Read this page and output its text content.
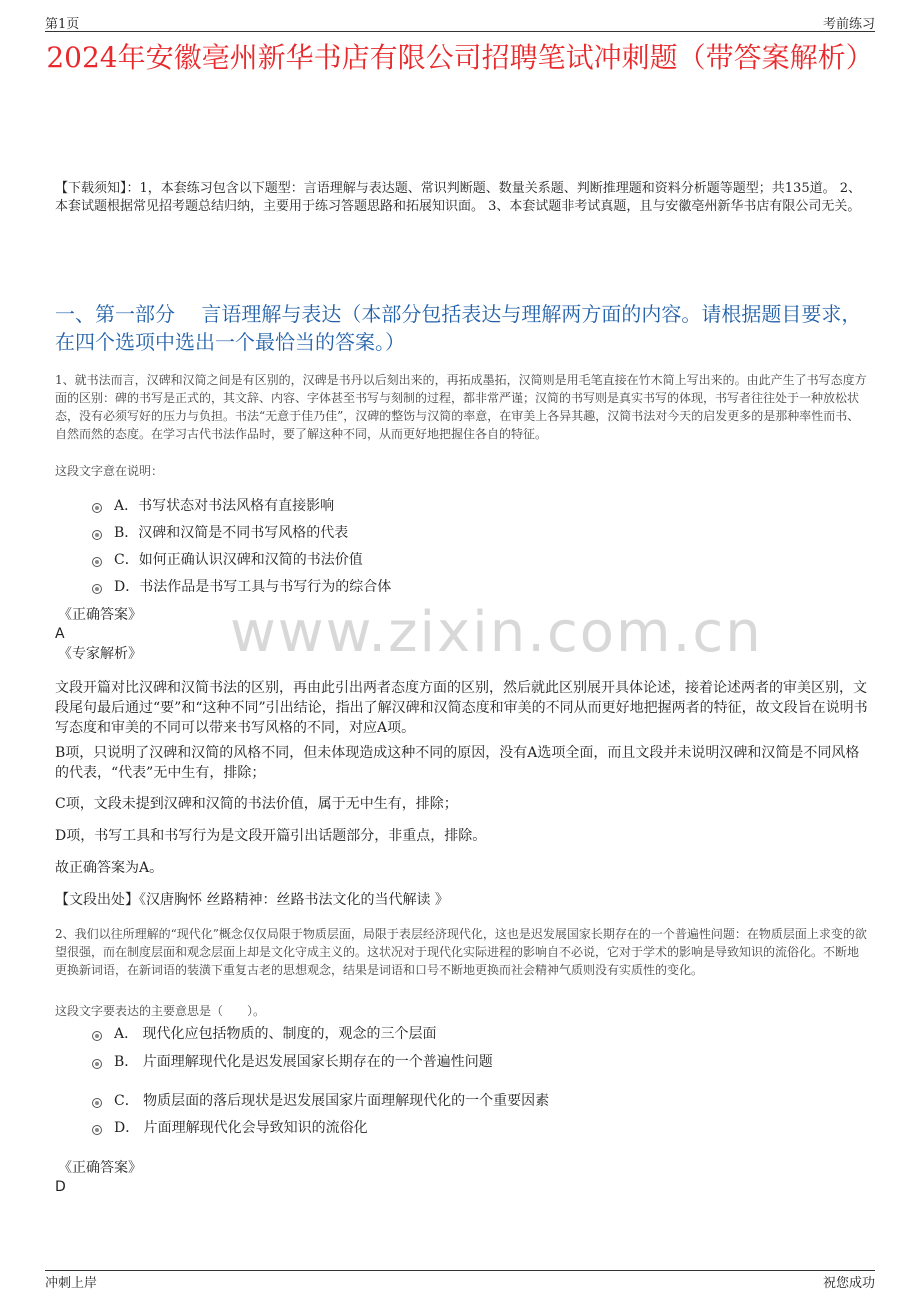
第1页	考前练习
2024年安徽亳州新华书店有限公司招聘笔试冲刺题（带答案解析）
【下载须知】：1，本套练习包含以下题型：言语理解与表达题、常识判断题、数量关系题、判断推理题和资料分析题等题型；共135道。 2、本套试题根据常见招考题总结归纳，主要用于练习答题思路和拓展知识面。 3、本套试题非考试真题，且与安徽亳州新华书店有限公司无关。
一、第一部分　 言语理解与表达（本部分包括表达与理解两方面的内容。请根据题目要求，在四个选项中选出一个最恰当的答案。）
1、就书法而言，汉碑和汉简之间是有区别的，汉碑是书丹以后刻出来的，再拓成墨拓，汉简则是用毛笔直接在竹木简上写出来的。由此产生了书写态度方面的区别：碑的书写是正式的，其文辞、内容、字体甚至书写与刻制的过程，都非常严谨；汉简的书写则是真实书写的体现，书写者往往处于一种放松状态，没有必须写好的压力与负担。书法“无意于佳乃佳”，汉碑的整饬与汉简的率意，在审美上各异其趣，汉简书法对今天的启发更多的是那种率性而书、自然而然的态度。在学习古代书法作品时，要了解这种不同，从而更好地把握住各自的特征。
这段文字意在说明：
A．书写状态对书法风格有直接影响
B．汉碑和汉简是不同书写风格的代表
C．如何正确认识汉碑和汉简的书法价值
D．书法作品是书写工具与书写行为的综合体
《正确答案》
A
《专家解析》 www.zixin.com.cn
文段开篇对比汉碑和汉简书法的区别，再由此引出两者态度方面的区别，然后就此区别展开具体论述，接着论述两者的审美区别，文段尾句最后通过“要”和“这种不同”引出结论，指出了解汉碑和汉简态度和审美的不同从而更好地把握两者的特征，故文段旨在说明书写态度和审美的不同可以带来书写风格的不同，对应A项。
B项，只说明了汉碑和汉简的风格不同，但未体现造成这种不同的原因，没有A选项全面，而且文段并未说明汉碑和汉简是不同风格的代表，“代表”无中生有，排除；
C项，文段未提到汉碑和汉简的书法价值，属于无中生有，排除；
D项，书写工具和书写行为是文段开篇引出话题部分，非重点，排除。
故正确答案为A。
【文段出处】《汉唐胸怀 丝路精神：丝路书法文化的当代解读 》
2、我们以往所理解的“现代化”概念仅仅局限于物质层面，局限于表层经济现代化，这也是迟发展国家长期存在的一个普遍性问题：在物质层面上求变的欲望很强，而在制度层面和观念层面上却是文化守成主义的。这状况对于现代化实际进程的影响自不必说，它对于学术的影响是导致知识的流俗化。不断地更换新词语，在新词语的装潢下重复古老的思想观念，结果是词语和口号不断地更换而社会精神气质则没有实质性的变化。
这段文字要表达的主要意思是（　　）。
A． 现代化应包括物质的、制度的，观念的三个层面
B． 片面理解现代化是迟发展国家长期存在的一个普遍性问题
C． 物质层面的落后现状是迟发展国家片面理解现代化的一个重要因素
D． 片面理解现代化会导致知识的流俗化
《正确答案》
D
冲刺上岸	祝您成功
